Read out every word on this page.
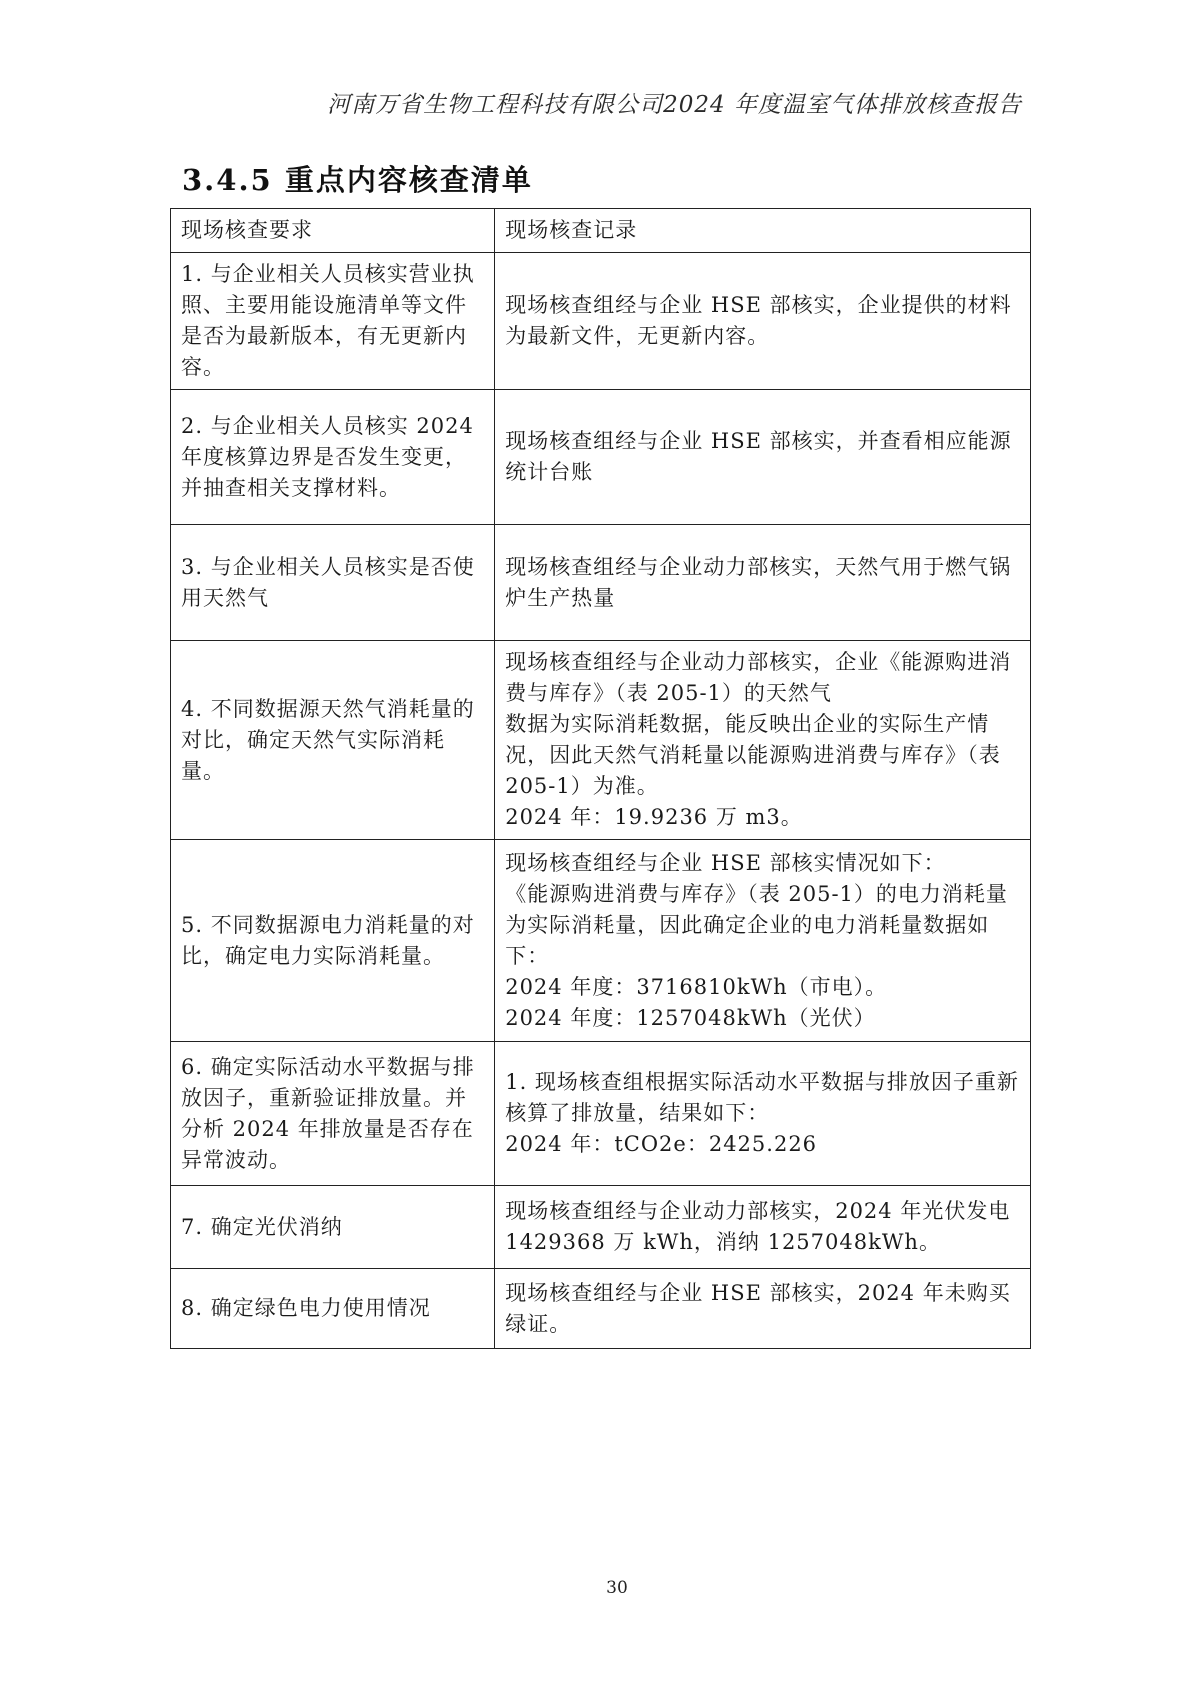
河南万省生物工程科技有限公司2024 年度温室气体排放核查报告
3.4.5 重点内容核查清单
现场核查要求	现场核查记录
1. 与企业相关人员核实营业执照、主要用能设施清单等文件是否为最新版本，有无更新内容。	现场核查组经与企业 HSE 部核实，企业提供的材料为最新文件，无更新内容。

2. 与企业相关人员核实 2024 年度核算边界是否发生变更，并抽查相关支撑材料。	现场核查组经与企业 HSE 部核实，并查看相应能源统计台账

3. 与企业相关人员核实是否使用天然气	现场核查组经与企业动力部核实，天然气用于燃气锅炉生产热量

4. 不同数据源天然气消耗量的对比，确定天然气实际消耗量。	现场核查组经与企业动力部核实，企业《能源购进消费与库存》（表 205-1）的天然气
数据为实际消耗数据，能反映出企业的实际生产情况，因此天然气消耗量以能源购进消费与库存》（表 205-1）为准。
2024 年：19.9236 万 m3。

5. 不同数据源电力消耗量的对比，确定电力实际消耗量。	现场核查组经与企业 HSE 部核实情况如下：
《能源购进消费与库存》（表 205-1）的电力消耗量为实际消耗量，因此确定企业的电力消耗量数据如下：
2024 年度：3716810kWh（市电）。
2024 年度：1257048kWh（光伏）

6. 确定实际活动水平数据与排放因子，重新验证排放量。并分析 2024 年排放量是否存在异常波动。	1. 现场核查组根据实际活动水平数据与排放因子重新核算了排放量，结果如下：
2024 年：tCO2e：2425.226

7. 确定光伏消纳	现场核查组经与企业动力部核实，2024 年光伏发电 1429368 万 kWh，消纳 1257048kWh。

8. 确定绿色电力使用情况	现场核查组经与企业 HSE 部核实，2024 年未购买绿证。
30
